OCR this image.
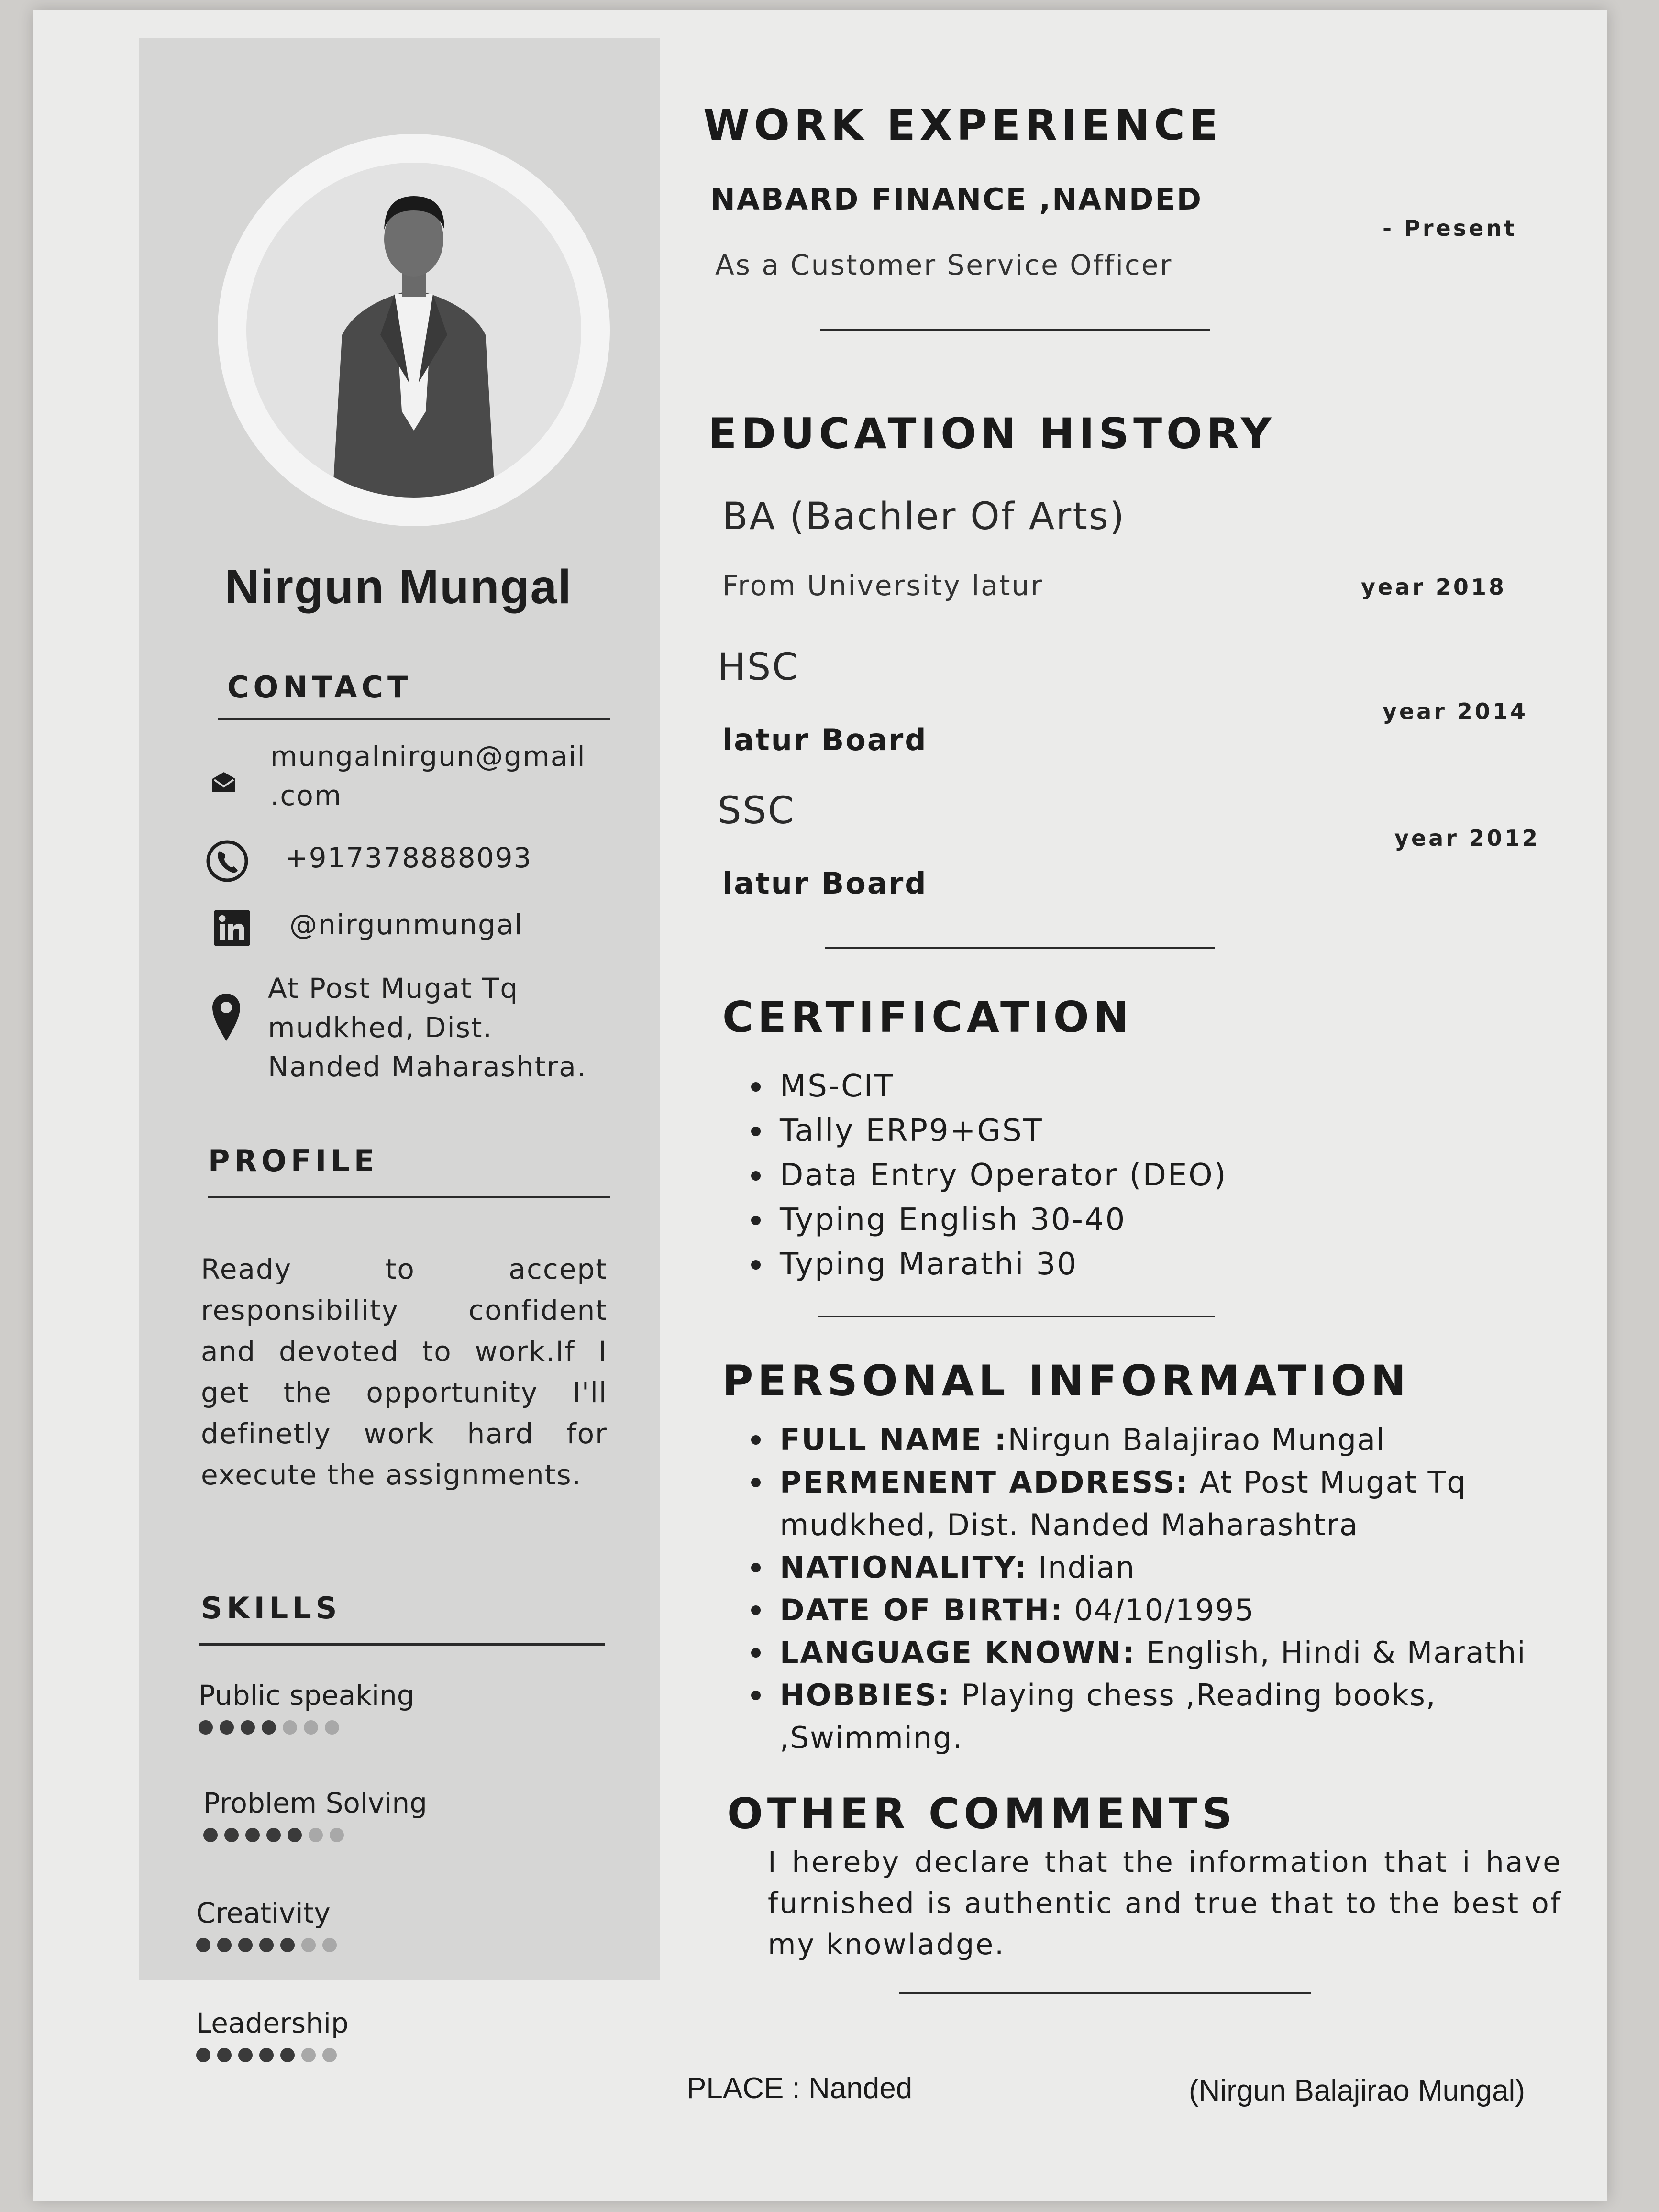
Nirgun Mungal
CONTACT
mungalnirgun@gmail
.com
+917378888093
@nirgunmungal
At Post Mugat Tq
mudkhed, Dist.
Nanded Maharashtra.
PROFILE
Ready to accept responsibility confident and devoted to work.If I get the opportunity I'll definetly work hard for execute the assignments.
SKILLS
Public speaking
Problem Solving
Creativity
Leadership
WORK EXPERIENCE
NABARD FINANCE ,NANDED
- Present
As a Customer Service Officer
EDUCATION HISTORY
BA (Bachler Of Arts)
From University latur	year 2018
HSC
year 2014
latur Board
SSC
year 2012
latur Board
CERTIFICATION
MS-CIT
Tally ERP9+GST
Data Entry Operator (DEO)
Typing English 30-40
Typing Marathi 30
PERSONAL INFORMATION
FULL NAME :Nirgun Balajirao Mungal
PERMENENT ADDRESS: At Post Mugat Tq mudkhed, Dist. Nanded Maharashtra
NATIONALITY: Indian
DATE OF BIRTH: 04/10/1995
LANGUAGE KNOWN: English, Hindi & Marathi
HOBBIES: Playing chess ,Reading books, ,Swimming.
OTHER COMMENTS
I hereby declare that the information that i have furnished is authentic and true that to the best of my knowladge.
PLACE : Nanded	(Nirgun Balajirao Mungal)
